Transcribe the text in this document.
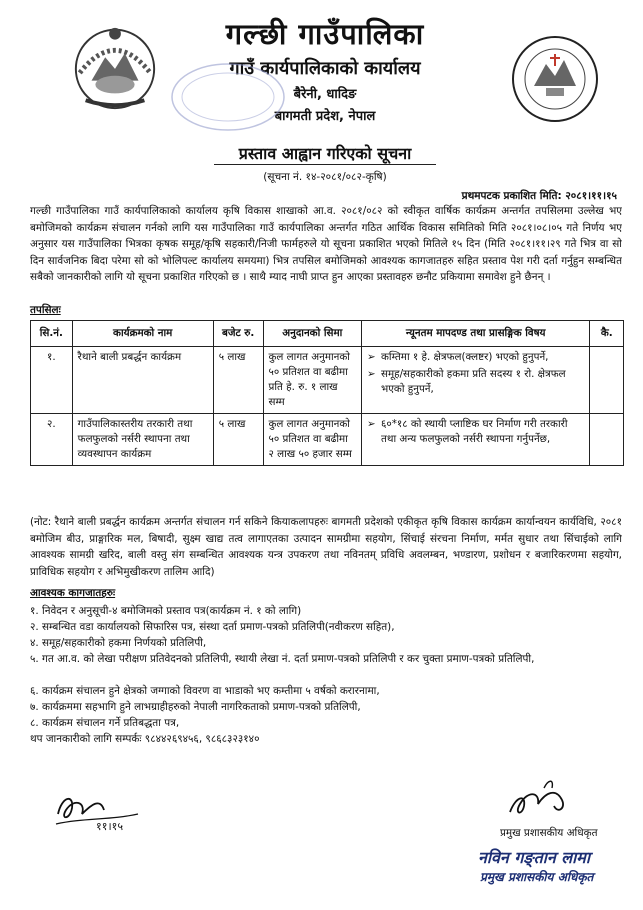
गल्छी गाउँपालिका
गाउँ कार्यपालिकाको कार्यालय
बैरेनी, धादिङ
बागमती प्रदेश, नेपाल
प्रस्ताव आह्वान गरिएको सूचना
(सूचना नं. १४-२०८१/०८२-कृषि)
प्रथमपटक प्रकाशित मिति: २०८१।११।१५
गल्छी गाउँपालिका गाउँ कार्यपालिकाको कार्यालय कृषि विकास शाखाको आ.व. २०८१/०८२ को स्वीकृत वार्षिक कार्यक्रम अन्तर्गत तपसिलमा उल्लेख भए बमोजिमको कार्यक्रम संचालन गर्नको लागि यस गाउँपालिका गाउँ कार्यपालिका अन्तर्गत गठित आर्थिक विकास समितिको मिति २०८१।०८।०५ गते निर्णय भए अनुसार यस गाउँपालिका भित्रका कृषक समूह/कृषि सहकारी/निजी फार्महरुले यो सूचना प्रकाशित भएको मितिले १५ दिन (मिति २०८१।११।२९ गते भित्र वा सो दिन सार्वजनिक बिदा परेमा सो को भोलिपल्ट कार्यालय समयमा) भित्र तपसिल बमोजिमको आवश्यक कागजातहरु सहित प्रस्ताव पेश गरी दर्ता गर्नुहुन सम्बन्धित सबैको जानकारीको लागि यो सूचना प्रकाशित गरिएको छ । साथै म्याद नाघी प्राप्त हुन आएका प्रस्तावहरु छनौट प्रकियामा समावेश हुने छैनन् ।
तपसिलः
सि.नं.	कार्यक्रमको नाम	बजेट रु.	अनुदानको सिमा	न्यूनतम मापदण्ड तथा प्रासङ्गिक विषय	कै.
१.	रैथाने बाली प्रबर्द्धन कार्यक्रम	५ लाख	कुल लागत अनुमानको ५० प्रतिशत वा बढीमा प्रति हे. रु. १ लाख सम्म	➢ कम्तिमा १ हे. क्षेत्रफल(क्लष्टर) भएको हुनुपर्ने,
➢ समूह/सहकारीको हकमा प्रति सदस्य १ रो. क्षेत्रफल भएको हुनुपर्ने,	

२.	गाउँपालिकास्तरीय तरकारी तथा फलफुलको नर्सरी स्थापना तथा व्यवस्थापन कार्यक्रम	५ लाख	कुल लागत अनुमानको ५० प्रतिशत वा बढीमा २ लाख ५० हजार सम्म	➢ ६०*१८ को स्थायी प्लाष्टिक घर निर्माण गरी तरकारी तथा अन्य फलफुलको नर्सरी स्थापना गर्नुपर्नेछ,	

(नोट: रैथाने बाली प्रबर्द्धन कार्यक्रम अन्तर्गत संचालन गर्न सकिने कियाकलापहरुः बागमती प्रदेशको एकीकृत कृषि विकास कार्यक्रम कार्यान्वयन कार्यविधि, २०८१ बमोजिम बीउ, प्राङ्गारिक मल, बिषादी, सुक्ष्म खाद्य तत्व लागाएतका उत्पादन सामग्रीमा सहयोग, सिंचाई संरचना निर्माण, मर्मत सुधार तथा सिंचाईको लागि आवश्यक सामग्री खरिद, बाली वस्तु संग सम्बन्धित आवश्यक यन्त्र उपकरण तथा नविनतम् प्रविधि अवलम्बन, भण्डारण, प्रशोधन र बजारिकरणमा सहयोग, प्राविधिक सहयोग र अभिमुखीकरण तालिम आदि)
आवश्यक कागजातहरुः
१. निवेदन र अनुसूची-४ बमोजिमको प्रस्ताव पत्र(कार्यक्रम नं. १ को लागि)
२. सम्बन्धित वडा कार्यालयको सिफारिस पत्र, संस्था दर्ता प्रमाण-पत्रको प्रतिलिपी(नवीकरण सहित),
४. समूह/सहकारीको हकमा निर्णयको प्रतिलिपी,
५. गत आ.व. को लेखा परीक्षण प्रतिवेदनको प्रतिलिपी, स्थायी लेखा नं. दर्ता प्रमाण-पत्रको प्रतिलिपी र कर चुक्ता प्रमाण-पत्रको प्रतिलिपी,
६. कार्यक्रम संचालन हुने क्षेत्रको जग्गाको विवरण वा भाडाको भए कम्तीमा ५ वर्षको करारनामा,
७. कार्यक्रममा सहभागि हुने लाभग्राहीहरुको नेपाली नागरिकताको प्रमाण-पत्रको प्रतिलिपी,
८. कार्यक्रम संचालन गर्ने प्रतिबद्धता पत्र,
थप जानकारीको लागि सम्पर्कः ९८४४२६९४५६, ९८६८३२३१४०
११।१५	प्रमुख प्रशासकीय अधिकृत
नविन गङ्तान लामा
प्रमुख प्रशासकीय अधिकृत
